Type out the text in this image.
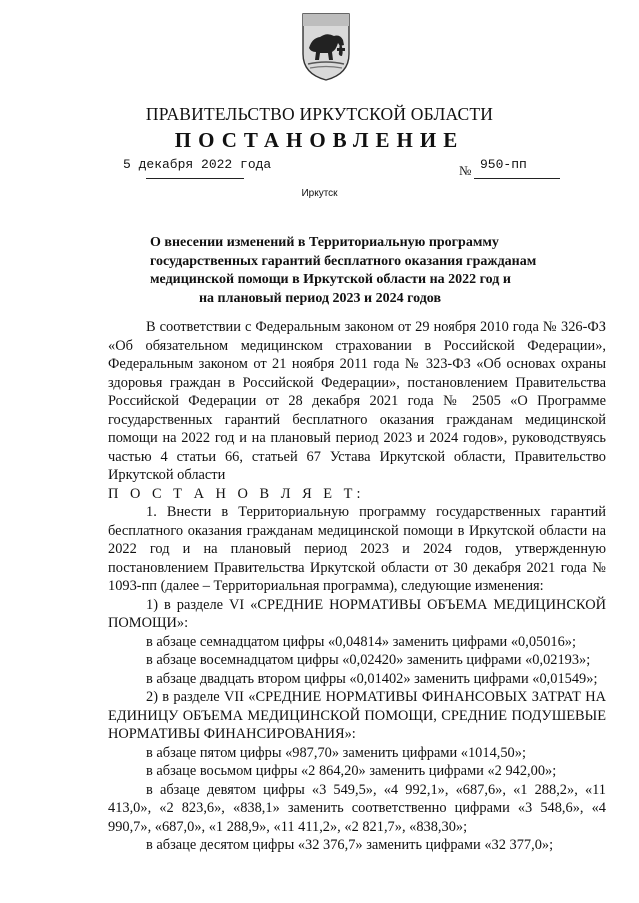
ПРАВИТЕЛЬСТВО ИРКУТСКОЙ ОБЛАСТИ
ПОСТАНОВЛЕНИЕ
5 декабря 2022 года	№ 950-пп
Иркутск
О внесении изменений в Территориальную программу
государственных гарантий бесплатного оказания гражданам
медицинской помощи в Иркутской области на 2022 год и
на плановый период 2023 и 2024 годов

В соответствии с Федеральным законом от 29 ноября 2010 года № 326-ФЗ «Об обязательном медицинском страховании в Российской Федерации», Федеральным законом от 21 ноября 2011 года № 323-ФЗ «Об основах охраны здоровья граждан в Российской Федерации», постановлением Правительства Российской Федерации от 28 декабря 2021 года № 2505 «О Программе государственных гарантий бесплатного оказания гражданам медицинской помощи на 2022 год и на плановый период 2023 и 2024 годов», руководствуясь частью 4 статьи 66, статьей 67 Устава Иркутской области, Правительство Иркутской области

П О С Т А Н О В Л Я Е Т:

1. Внести в Территориальную программу государственных гарантий бесплатного оказания гражданам медицинской помощи в Иркутской области на 2022 год и на плановый период 2023 и 2024 годов, утвержденную постановлением Правительства Иркутской области от 30 декабря 2021 года № 1093-пп (далее – Территориальная программа), следующие изменения:

1) в разделе VI «СРЕДНИЕ НОРМАТИВЫ ОБЪЕМА МЕДИЦИНСКОЙ ПОМОЩИ»:

в абзаце семнадцатом цифры «0,04814» заменить цифрами «0,05016»;

в абзаце восемнадцатом цифры «0,02420» заменить цифрами «0,02193»;

в абзаце двадцать втором цифры «0,01402» заменить цифрами «0,01549»;

2) в разделе VII «СРЕДНИЕ НОРМАТИВЫ ФИНАНСОВЫХ ЗАТРАТ НА ЕДИНИЦУ ОБЪЕМА МЕДИЦИНСКОЙ ПОМОЩИ, СРЕДНИЕ ПОДУШЕВЫЕ НОРМАТИВЫ ФИНАНСИРОВАНИЯ»:

в абзаце пятом цифры «987,70» заменить цифрами «1014,50»;

в абзаце восьмом цифры «2 864,20» заменить цифрами «2 942,00»;

в абзаце девятом цифры «3 549,5», «4 992,1», «687,6», «1 288,2», «11 413,0», «2 823,6», «838,1» заменить соответственно цифрами «3 548,6», «4 990,7», «687,0», «1 288,9», «11 411,2», «2 821,7», «838,30»;

в абзаце десятом цифры «32 376,7» заменить цифрами «32 377,0»;
